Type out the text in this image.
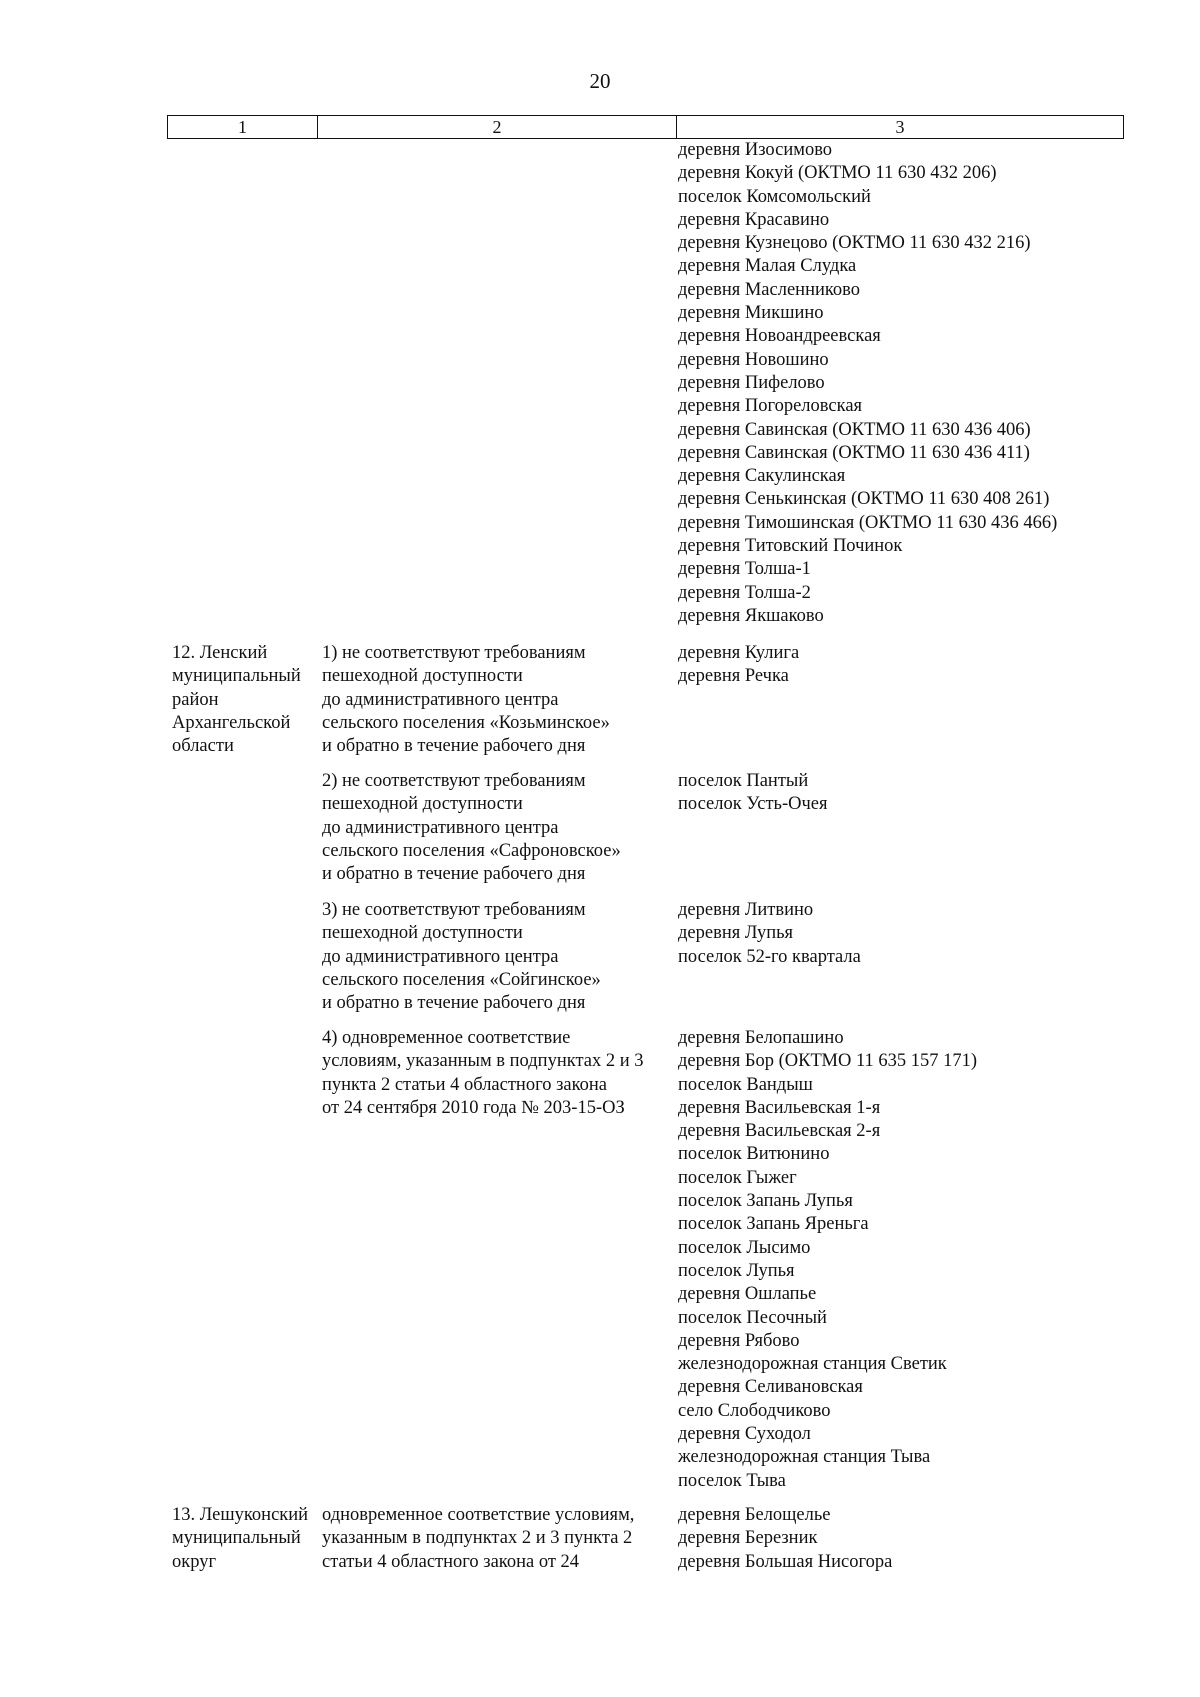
20
1	2	3
деревня Изосимово
деревня Кокуй (ОКТМО 11 630 432 206)
поселок Комсомольский
деревня Красавино
деревня Кузнецово (ОКТМО 11 630 432 216)
деревня Малая Слудка
деревня Масленниково
деревня Микшино
деревня Новоандреевская
деревня Новошино
деревня Пифелово
деревня Погореловская
деревня Савинская (ОКТМО 11 630 436 406)
деревня Савинская (ОКТМО 11 630 436 411)
деревня Сакулинская
деревня Сенькинская (ОКТМО 11 630 408 261)
деревня Тимошинская (ОКТМО 11 630 436 466)
деревня Титовский Починок
деревня Толша-1
деревня Толша-2
деревня Якшаково
12. Ленский
муниципальный
район
Архангельской
области
1) не соответствуют требованиям
пешеходной доступности
до административного центра
сельского поселения «Козьминское»
и обратно в течение рабочего дня
деревня Кулига
деревня Речка
2) не соответствуют требованиям
пешеходной доступности
до административного центра
сельского поселения «Сафроновское»
и обратно в течение рабочего дня
поселок Пантый
поселок Усть-Очея
3) не соответствуют требованиям
пешеходной доступности
до административного центра
сельского поселения «Сойгинское»
и обратно в течение рабочего дня
деревня Литвино
деревня Лупья
поселок 52-го квартала
4) одновременное соответствие
условиям, указанным в подпунктах 2 и 3
пункта 2 статьи 4 областного закона
от 24 сентября 2010 года № 203-15-ОЗ
деревня Белопашино
деревня Бор (ОКТМО 11 635 157 171)
поселок Вандыш
деревня Васильевская 1-я
деревня Васильевская 2-я
поселок Витюнино
поселок Гыжег
поселок Запань Лупья
поселок Запань Яреньга
поселок Лысимо
поселок Лупья
деревня Ошлапье
поселок Песочный
деревня Рябово
железнодорожная станция Светик
деревня Селивановская
село Слободчиково
деревня Суходол
железнодорожная станция Тыва
поселок Тыва
13. Лешуконский
муниципальный
округ
одновременное соответствие условиям,
указанным в подпунктах 2 и 3 пункта 2
статьи 4 областного закона от 24
деревня Белощелье
деревня Березник
деревня Большая Нисогора
